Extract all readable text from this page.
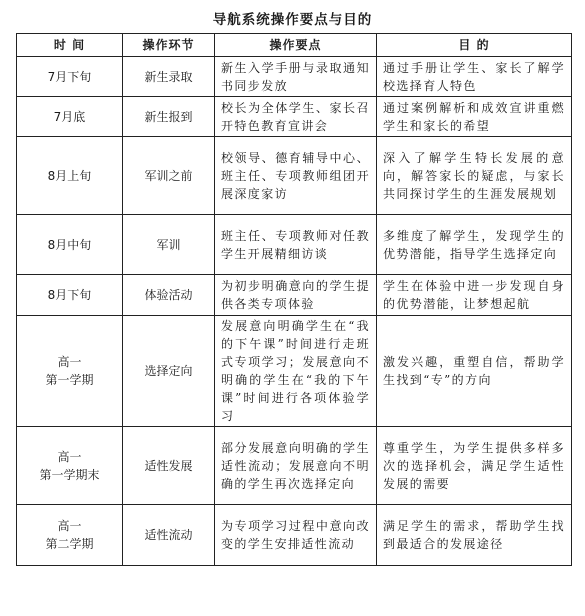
导航系统操作要点与目的
时 间	操作环节	操作要点	目 的

7月下旬	新生录取	新生入学手册与录取通知书同步发放	通过手册让学生、家长了解学校选择育人特色

7月底	新生报到	校长为全体学生、家长召开特色教育宣讲会	通过案例解析和成效宣讲重燃学生和家长的希望

8月上旬	军训之前	校领导、德育辅导中心、班主任、专项教师组团开展深度家访	深入了解学生特长发展的意向，解答家长的疑虑，与家长共同探讨学生的生涯发展规划

8月中旬	军训	班主任、专项教师对任教学生开展精细访谈	多维度了解学生，发现学生的优势潜能，指导学生选择定向

8月下旬	体验活动	为初步明确意向的学生提供各类专项体验	学生在体验中进一步发现自身的优势潜能，让梦想起航

高一
第一学期	选择定向	发展意向明确学生在“我的下午课”时间进行走班式专项学习；发展意向不明确的学生在“我的下午课”时间进行各项体验学习	激发兴趣，重塑自信，帮助学生找到“专”的方向

高一
第一学期末	适性发展	部分发展意向明确的学生适性流动；发展意向不明确的学生再次选择定向	尊重学生，为学生提供多样多次的选择机会，满足学生适性发展的需要

高一
第二学期	适性流动	为专项学习过程中意向改变的学生安排适性流动	满足学生的需求，帮助学生找到最适合的发展途径
